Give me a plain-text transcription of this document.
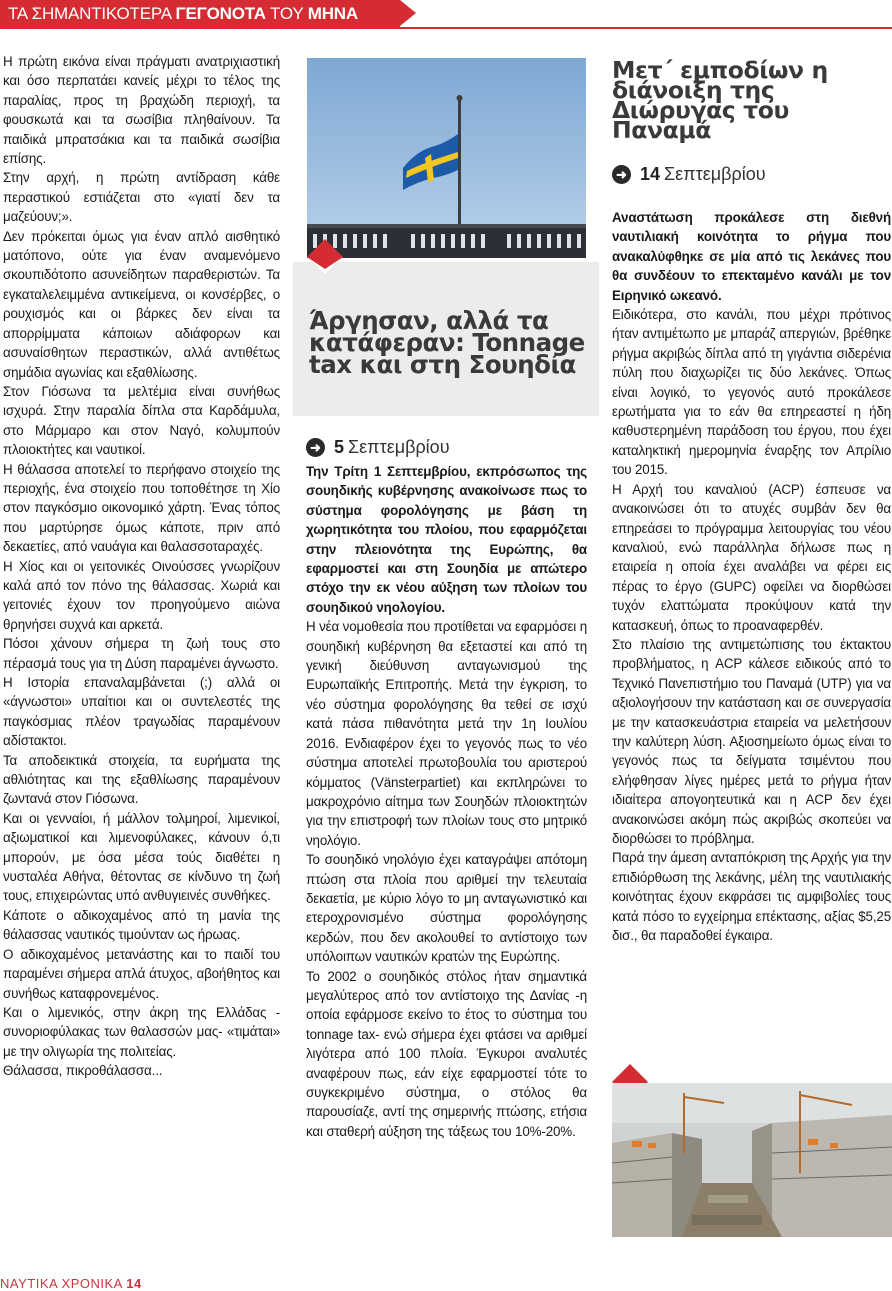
ΤΑ ΣΗΜΑΝΤΙΚΟΤΕΡΑ ΓΕΓΟΝΟΤΑ ΤΟΥ ΜΗΝΑ

Η πρώτη εικόνα είναι πράγματι ανατριχιαστική και όσο περπατάει κανείς μέχρι το τέλος της παραλίας, προς τη βραχώδη περιοχή, τα φουσκωτά και τα σωσίβια πληθαίνουν. Τα παιδικά μπρατσάκια και τα παιδικά σωσίβια επίσης.

Στην αρχή, η πρώτη αντίδραση κάθε περαστικού εστιάζεται στο «γιατί δεν τα μαζεύουν;».

Δεν πρόκειται όμως για έναν απλό αισθητικό ματόπονο, ούτε για έναν αναμενόμενο σκουπιδότοπο ασυνείδητων παραθεριστών. Τα εγκαταλελειμμένα αντικείμενα, οι κονσέρβες, ο ρουχισμός και οι βάρκες δεν είναι τα απορρίμματα κάποιων αδιάφορων και ασυναίσθητων περαστικών, αλλά αντιθέτως σημάδια αγωνίας και εξαθλίωσης.

Στον Γιόσωνα τα μελτέμια είναι συνήθως ισχυρά. Στην παραλία δίπλα στα Καρδάμυλα, στο Μάρμαρο και στον Ναγό, κολυμπούν πλοιοκτήτες και ναυτικοί.

Η θάλασσα αποτελεί το περήφανο στοιχείο της περιοχής, ένα στοιχείο που τοποθέτησε τη Χίο στον παγκόσμιο οικονομικό χάρτη. Ένας τόπος που μαρτύρησε όμως κάποτε, πριν από δεκαετίες, από ναυάγια και θαλασσοταραχές.

Η Χίος και οι γειτονικές Οινούσσες γνωρίζουν καλά από τον πόνο της θάλασσας. Χωριά και γειτονιές έχουν τον προηγούμενο αιώνα θρηνήσει συχνά και αρκετά.

Πόσοι χάνουν σήμερα τη ζωή τους στο πέρασμά τους για τη Δύση παραμένει άγνωστο.

Η Ιστορία επαναλαμβάνεται (;) αλλά οι «άγνωστοι» υπαίτιοι και οι συντελεστές της παγκόσμιας πλέον τραγωδίας παραμένουν αδίστακτοι.

Τα αποδεικτικά στοιχεία, τα ευρήματα της αθλιότητας και της εξαθλίωσης παραμένουν ζωντανά στον Γιόσωνα.

Και οι γενναίοι, ή μάλλον τολμηροί, λιμενικοί, αξιωματικοί και λιμενοφύλακες, κάνουν ό,τι μπορούν, με όσα μέσα τούς διαθέτει η νυσταλέα Αθήνα, θέτοντας σε κίνδυνο τη ζωή τους, επιχειρώντας υπό ανθυγιεινές συνθήκες.

Κάποτε ο αδικοχαμένος από τη μανία της θάλασσας ναυτικός τιμούνταν ως ήρωας.

Ο αδικοχαμένος μετανάστης και το παιδί του παραμένει σήμερα απλά άτυχος, αβοήθητος και συνήθως καταφρονεμένος.

Και ο λιμενικός, στην άκρη της Ελλάδας - συνοριοφύλακας των θαλασσών μας- «τιμάται» με την ολιγωρία της πολιτείας.

Θάλασσα, πικροθάλασσα...

Άργησαν, αλλά τα κατάφεραν: Tonnage tax και στη Σουηδία
➜ 5 Σεπτεμβρίου

Την Τρίτη 1 Σεπτεμβρίου, εκπρόσωπος της σουηδικής κυβέρνησης ανακοίνωσε πως το σύστημα φορολόγησης με βάση τη χωρητικότητα του πλοίου, που εφαρμόζεται στην πλειονότητα της Ευρώπης, θα εφαρμοστεί και στη Σουηδία με απώτερο στόχο την εκ νέου αύξηση των πλοίων του σουηδικού νηολογίου.

Η νέα νομοθεσία που προτίθεται να εφαρμόσει η σουηδική κυβέρνηση θα εξεταστεί και από τη γενική διεύθυνση ανταγωνισμού της Ευρωπαϊκής Επιτροπής. Μετά την έγκριση, το νέο σύστημα φορολόγησης θα τεθεί σε ισχύ κατά πάσα πιθανότητα μετά την 1η Ιουλίου 2016. Ενδιαφέρον έχει το γεγονός πως το νέο σύστημα αποτελεί πρωτοβουλία του αριστερού κόμματος (Vänsterpartiet) και εκπληρώνει το μακροχρόνιο αίτημα των Σουηδών πλοιοκτητών για την επιστροφή των πλοίων τους στο μητρικό νηολόγιο.

Το σουηδικό νηολόγιο έχει καταγράψει απότομη πτώση στα πλοία που αριθμεί την τελευταία δεκαετία, με κύριο λόγο το μη ανταγωνιστικό και ετεροχρονισμένο σύστημα φορολόγησης κερδών, που δεν ακολουθεί το αντίστοιχο των υπόλοιπων ναυτικών κρατών της Ευρώπης.

Το 2002 ο σουηδικός στόλος ήταν σημαντικά μεγαλύτερος από τον αντίστοιχο της Δανίας -η οποία εφάρμοσε εκείνο το έτος το σύστημα του tonnage tax- ενώ σήμερα έχει φτάσει να αριθμεί λιγότερα από 100 πλοία. Έγκυροι αναλυτές αναφέρουν πως, εάν είχε εφαρμοστεί τότε το συγκεκριμένο σύστημα, ο στόλος θα παρουσίαζε, αντί της σημερινής πτώσης, ετήσια και σταθερή αύξηση της τάξεως του 10%-20%.

Μετ΄ εμποδίων η διάνοιξη της Διώρυγας του Παναμά
➜ 14 Σεπτεμβρίου

Αναστάτωση προκάλεσε στη διεθνή ναυτιλιακή κοινότητα το ρήγμα που ανακαλύφθηκε σε μία από τις λεκάνες που θα συνδέουν το επεκταμένο κανάλι με τον Ειρηνικό ωκεανό.

Ειδικότερα, στο κανάλι, που μέχρι πρότινος ήταν αντιμέτωπο με μπαράζ απεργιών, βρέθηκε ρήγμα ακριβώς δίπλα από τη γιγάντια σιδερένια πύλη που διαχωρίζει τις δύο λεκάνες. Όπως είναι λογικό, το γεγονός αυτό προκάλεσε ερωτήματα για το εάν θα επηρεαστεί η ήδη καθυστερημένη παράδοση του έργου, που έχει καταληκτική ημερομηνία έναρξης τον Απρίλιο του 2015.

Η Αρχή του καναλιού (ACP) έσπευσε να ανακοινώσει ότι το ατυχές συμβάν δεν θα επηρεάσει το πρόγραμμα λειτουργίας του νέου καναλιού, ενώ παράλληλα δήλωσε πως η εταιρεία η οποία έχει αναλάβει να φέρει εις πέρας το έργο (GUPC) οφείλει να διορθώσει τυχόν ελαττώματα προκύψουν κατά την κατασκευή, όπως το προαναφερθέν.

Στο πλαίσιο της αντιμετώπισης του έκτακτου προβλήματος, η ACP κάλεσε ειδικούς από το Τεχνικό Πανεπιστήμιο του Παναμά (UTP) για να αξιολογήσουν την κατάσταση και σε συνεργασία με την κατασκευάστρια εταιρεία να μελετήσουν την καλύτερη λύση. Αξιοσημείωτο όμως είναι το γεγονός πως τα δείγματα τσιμέντου που ελήφθησαν λίγες ημέρες μετά το ρήγμα ήταν ιδιαίτερα απογοητευτικά και η ACP δεν έχει ανακοινώσει ακόμη πώς ακριβώς σκοπεύει να διορθώσει το πρόβλημα.

Παρά την άμεση ανταπόκριση της Αρχής για την επιδιόρθωση της λεκάνης, μέλη της ναυτιλιακής κοινότητας έχουν εκφράσει τις αμφιβολίες τους κατά πόσο το εγχείρημα επέκτασης, αξίας $5,25 δισ., θα παραδοθεί έγκαιρα.

ΝΑΥΤΙΚΑ ΧΡΟΝΙΚΑ 14
